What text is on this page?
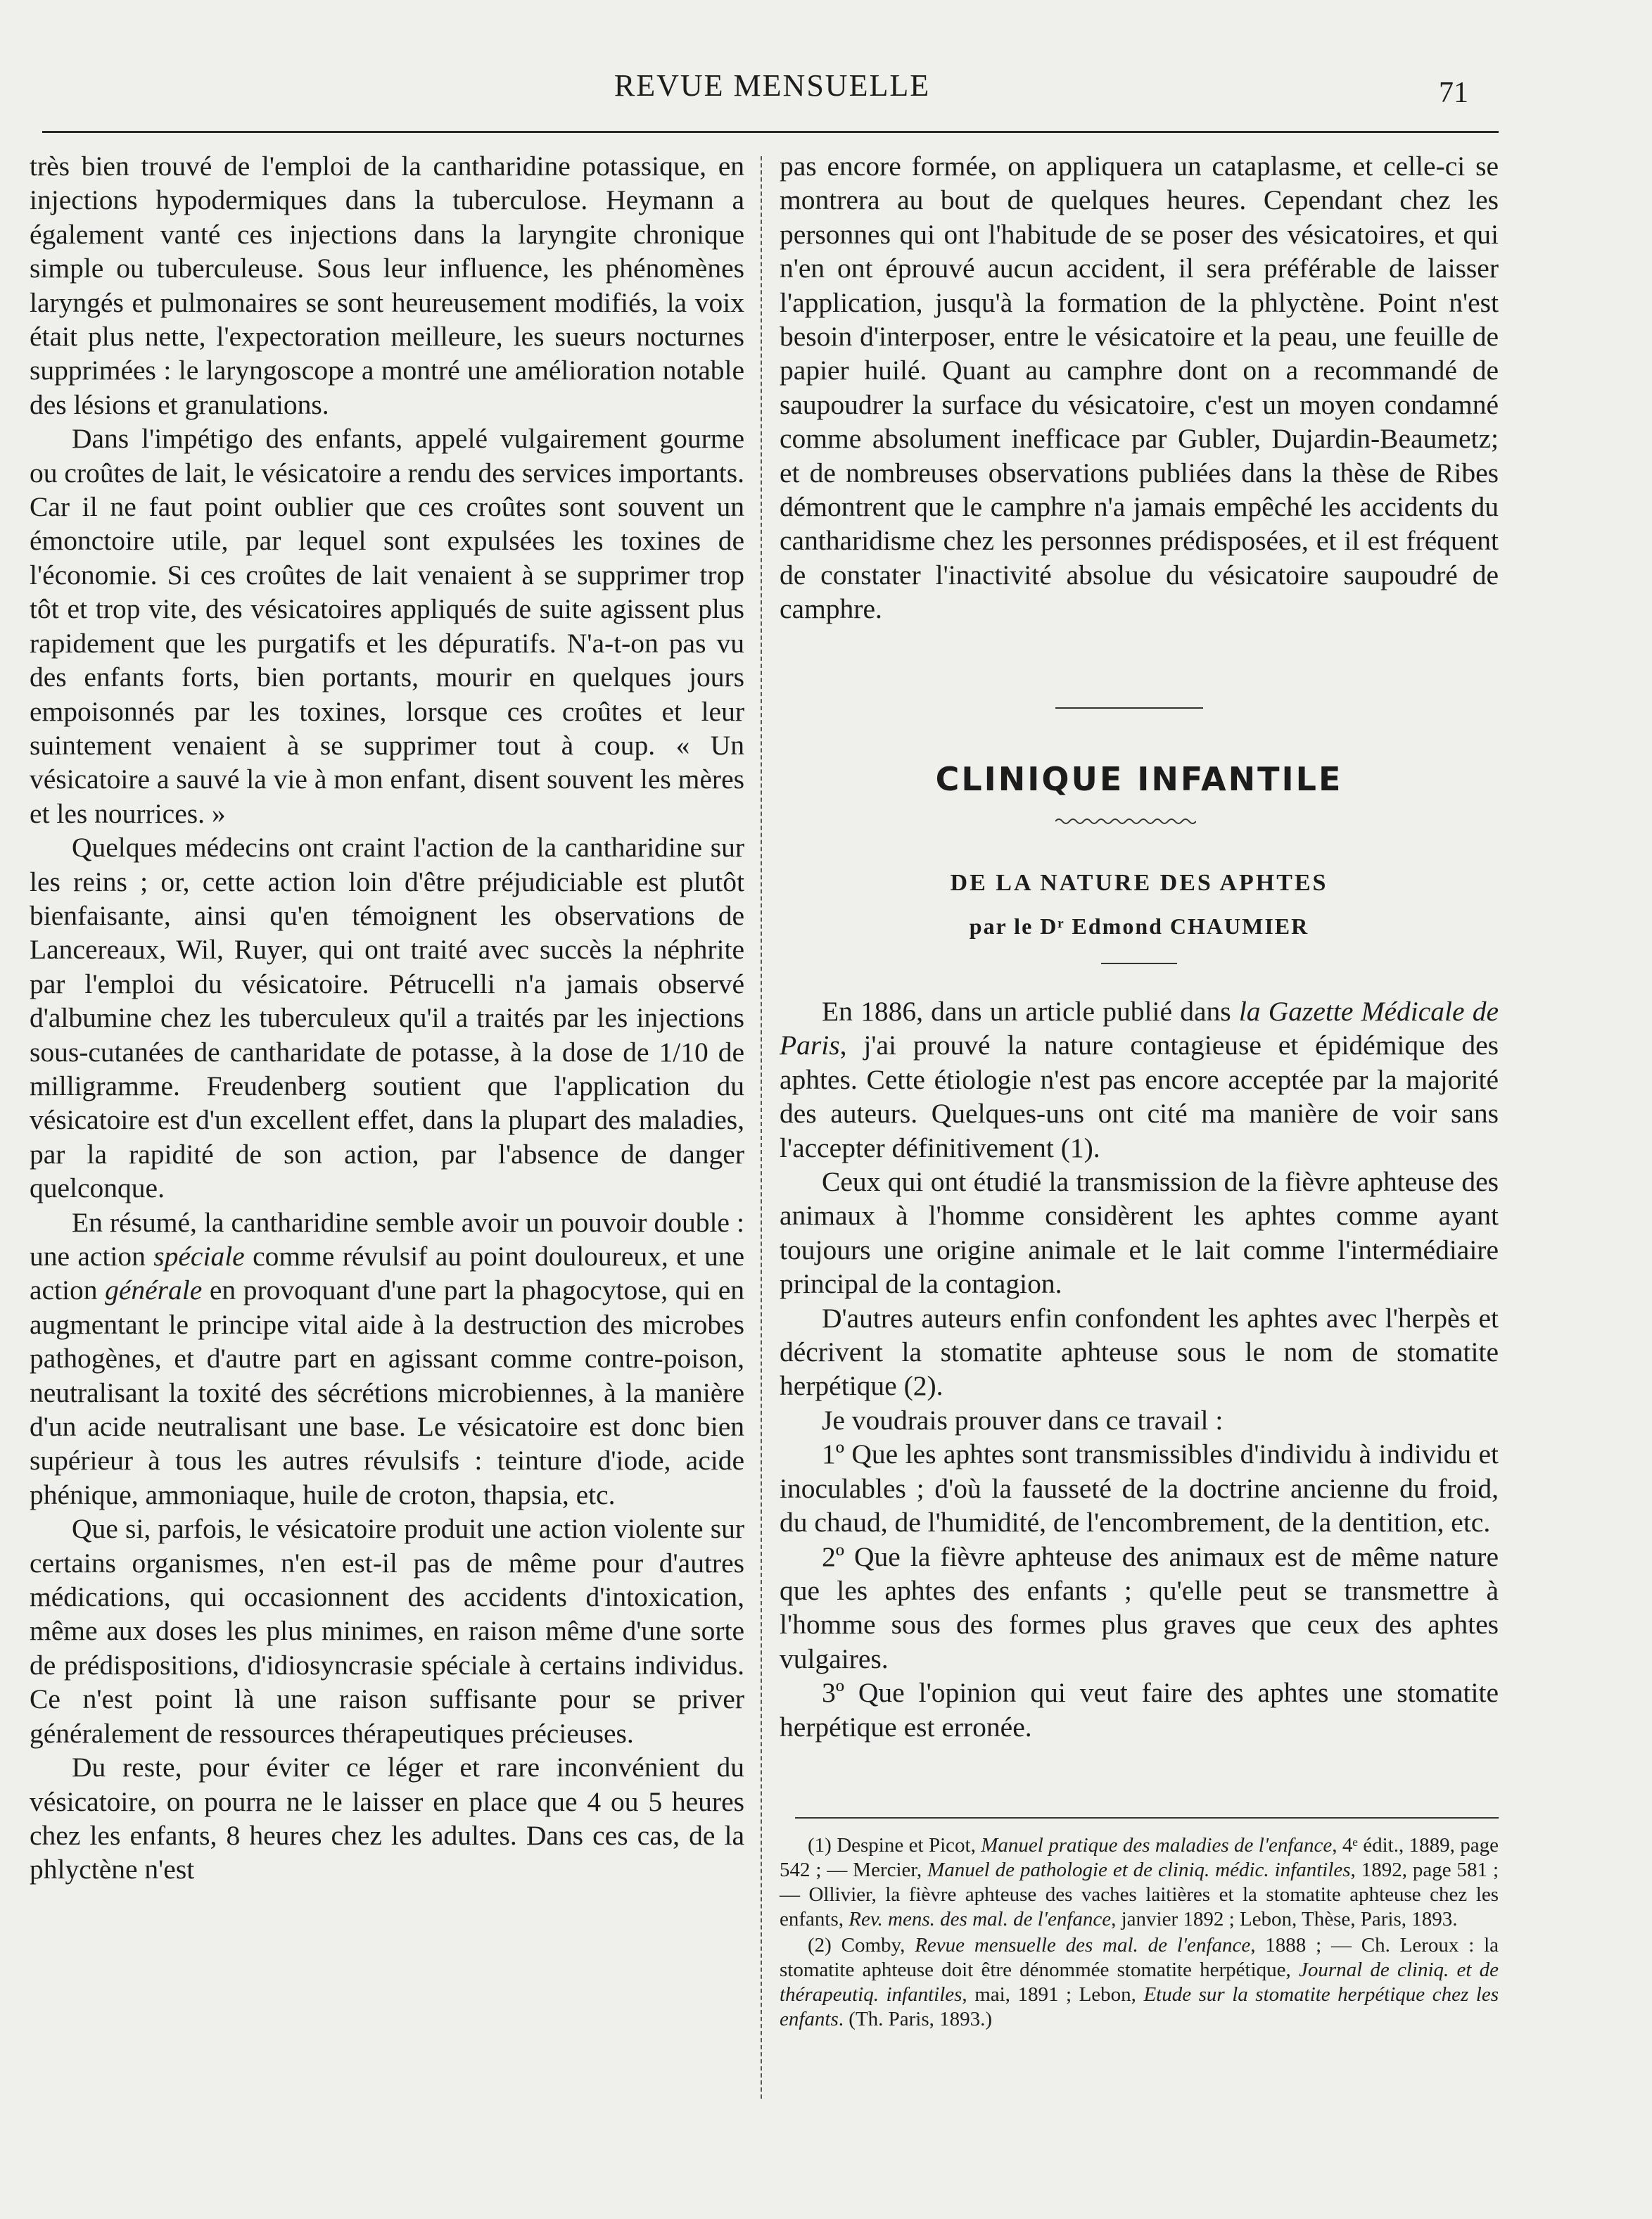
REVUE MENSUELLE	71

très bien trouvé de l'emploi de la cantharidine potassique, en injections hypodermiques dans la tuberculose. Heymann a également vanté ces injections dans la laryngite chronique simple ou tuberculeuse. Sous leur influence, les phénomènes laryngés et pulmonaires se sont heureusement modifiés, la voix était plus nette, l'expectoration meilleure, les sueurs nocturnes supprimées : le laryngoscope a montré une amélioration notable des lésions et granulations.

Dans l'impétigo des enfants, appelé vulgairement gourme ou croûtes de lait, le vésicatoire a rendu des services importants. Car il ne faut point oublier que ces croûtes sont souvent un émonctoire utile, par lequel sont expulsées les toxines de l'économie. Si ces croûtes de lait venaient à se supprimer trop tôt et trop vite, des vésicatoires appliqués de suite agissent plus rapidement que les purgatifs et les dépuratifs. N'a-t-on pas vu des enfants forts, bien portants, mourir en quelques jours empoisonnés par les toxines, lorsque ces croûtes et leur suintement venaient à se supprimer tout à coup. « Un vésicatoire a sauvé la vie à mon enfant, disent souvent les mères et les nourrices. »

Quelques médecins ont craint l'action de la cantharidine sur les reins ; or, cette action loin d'être préjudiciable est plutôt bienfaisante, ainsi qu'en témoignent les observations de Lancereaux, Wil, Ruyer, qui ont traité avec succès la néphrite par l'emploi du vésicatoire. Pétrucelli n'a jamais observé d'albumine chez les tuberculeux qu'il a traités par les injections sous-cutanées de cantharidate de potasse, à la dose de 1/10 de milligramme. Freudenberg soutient que l'application du vésicatoire est d'un excellent effet, dans la plupart des maladies, par la rapidité de son action, par l'absence de danger quelconque.

En résumé, la cantharidine semble avoir un pouvoir double : une action spéciale comme révulsif au point douloureux, et une action générale en provoquant d'une part la phagocytose, qui en augmentant le principe vital aide à la destruction des microbes pathogènes, et d'autre part en agissant comme contre-poison, neutralisant la toxité des sécrétions microbiennes, à la manière d'un acide neutralisant une base. Le vésicatoire est donc bien supérieur à tous les autres révulsifs : teinture d'iode, acide phénique, ammoniaque, huile de croton, thapsia, etc.

Que si, parfois, le vésicatoire produit une action violente sur certains organismes, n'en est-il pas de même pour d'autres médications, qui occasionnent des accidents d'intoxication, même aux doses les plus minimes, en raison même d'une sorte de prédispositions, d'idiosyncrasie spéciale à certains individus. Ce n'est point là une raison suffisante pour se priver généralement de ressources thérapeutiques précieuses.

Du reste, pour éviter ce léger et rare inconvénient du vésicatoire, on pourra ne le laisser en place que 4 ou 5 heures chez les enfants, 8 heures chez les adultes. Dans ces cas, de la phlyctène n'est

pas encore formée, on appliquera un cataplasme, et celle-ci se montrera au bout de quelques heures. Cependant chez les personnes qui ont l'habitude de se poser des vésicatoires, et qui n'en ont éprouvé aucun accident, il sera préférable de laisser l'application, jusqu'à la formation de la phlyctène. Point n'est besoin d'interposer, entre le vésicatoire et la peau, une feuille de papier huilé. Quant au camphre dont on a recommandé de saupoudrer la surface du vésicatoire, c'est un moyen condamné comme absolument inefficace par Gubler, Dujardin-Beaumetz; et de nombreuses observations publiées dans la thèse de Ribes démontrent que le camphre n'a jamais empêché les accidents du cantharidisme chez les personnes prédisposées, et il est fréquent de constater l'inactivité absolue du vésicatoire saupoudré de camphre.

CLINIQUE INFANTILE
DE LA NATURE DES APHTES
par le Dʳ Edmond CHAUMIER

En 1886, dans un article publié dans la Gazette Médicale de Paris, j'ai prouvé la nature contagieuse et épidémique des aphtes. Cette étiologie n'est pas encore acceptée par la majorité des auteurs. Quelques-uns ont cité ma manière de voir sans l'accepter définitivement (1).

Ceux qui ont étudié la transmission de la fièvre aphteuse des animaux à l'homme considèrent les aphtes comme ayant toujours une origine animale et le lait comme l'intermédiaire principal de la contagion.

D'autres auteurs enfin confondent les aphtes avec l'herpès et décrivent la stomatite aphteuse sous le nom de stomatite herpétique (2).

Je voudrais prouver dans ce travail :

1º Que les aphtes sont transmissibles d'individu à individu et inoculables ; d'où la fausseté de la doctrine ancienne du froid, du chaud, de l'humidité, de l'encombrement, de la dentition, etc.

2º Que la fièvre aphteuse des animaux est de même nature que les aphtes des enfants ; qu'elle peut se transmettre à l'homme sous des formes plus graves que ceux des aphtes vulgaires.

3º Que l'opinion qui veut faire des aphtes une stomatite herpétique est erronée.

(1) Despine et Picot, Manuel pratique des maladies de l'enfance, 4ᵉ édit., 1889, page 542 ; — Mercier, Manuel de pathologie et de cliniq. médic. infantiles, 1892, page 581 ; — Ollivier, la fièvre aphteuse des vaches laitières et la stomatite aphteuse chez les enfants, Rev. mens. des mal. de l'enfance, janvier 1892 ; Lebon, Thèse, Paris, 1893.

(2) Comby, Revue mensuelle des mal. de l'enfance, 1888 ; — Ch. Leroux : la stomatite aphteuse doit être dénommée stomatite herpétique, Journal de cliniq. et de thérapeutiq. infantiles, mai, 1891 ; Lebon, Etude sur la stomatite herpétique chez les enfants. (Th. Paris, 1893.)
